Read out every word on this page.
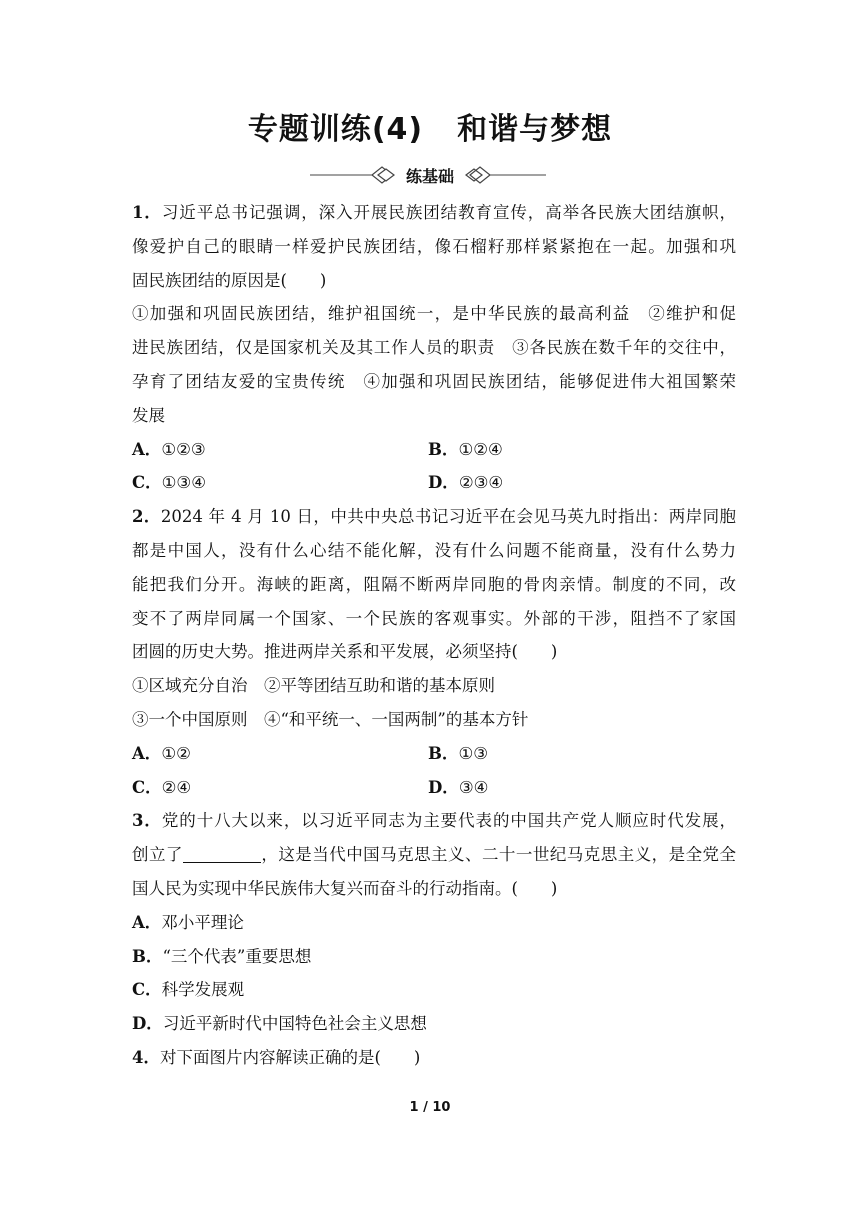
专题训练(4) 和谐与梦想
练基础
1．习近平总书记强调，深入开展民族团结教育宣传，高举各民族大团结旗帜，
像爱护自己的眼睛一样爱护民族团结，像石榴籽那样紧紧抱在一起。加强和巩
固民族团结的原因是(　　)
①加强和巩固民族团结，维护祖国统一，是中华民族的最高利益　②维护和促
进民族团结，仅是国家机关及其工作人员的职责　③各民族在数千年的交往中，
孕育了团结友爱的宝贵传统　④加强和巩固民族团结，能够促进伟大祖国繁荣
发展
A．①②③	B．①②④
C．①③④	D．②③④
2．2024 年 4 月 10 日，中共中央总书记习近平在会见马英九时指出：两岸同胞
都是中国人，没有什么心结不能化解，没有什么问题不能商量，没有什么势力
能把我们分开。海峡的距离，阻隔不断两岸同胞的骨肉亲情。制度的不同，改
变不了两岸同属一个国家、一个民族的客观事实。外部的干涉，阻挡不了家国
团圆的历史大势。推进两岸关系和平发展，必须坚持(　　)
①区域充分自治　②平等团结互助和谐的基本原则
③一个中国原则　④“和平统一、一国两制”的基本方针
A．①②	B．①③
C．②④	D．③④
3．党的十八大以来，以习近平同志为主要代表的中国共产党人顺应时代发展，
创立了	，这是当代中国马克思主义、二十一世纪马克思主义，是全党全
国人民为实现中华民族伟大复兴而奋斗的行动指南。(　　)
A．邓小平理论
B．“三个代表”重要思想
C．科学发展观
D．习近平新时代中国特色社会主义思想
4．对下面图片内容解读正确的是(　　)
1 / 10
